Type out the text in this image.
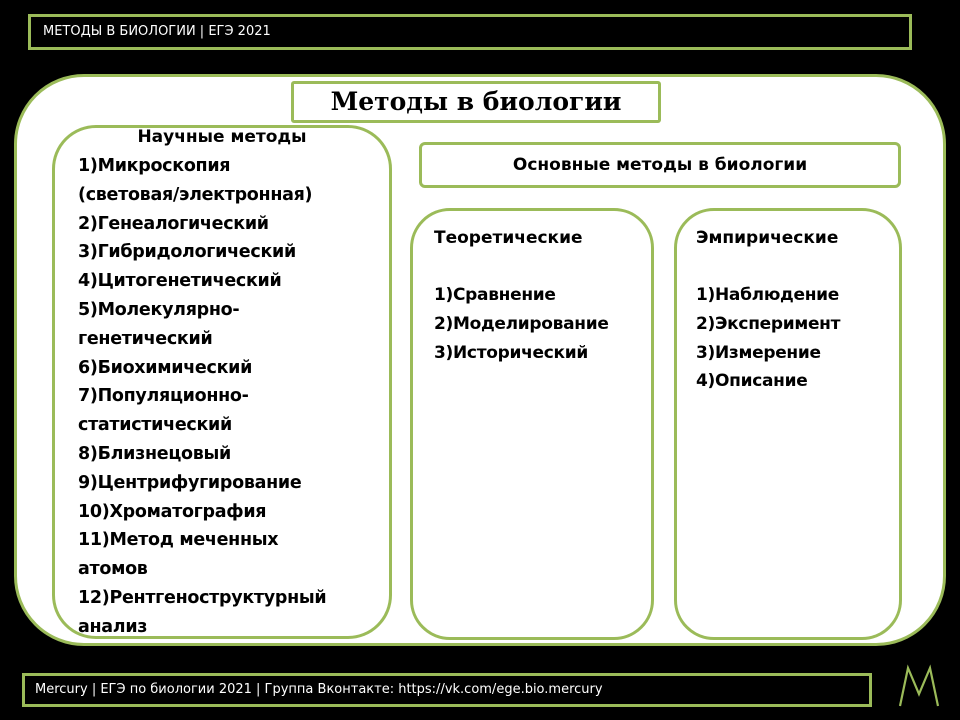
МЕТОДЫ В БИОЛОГИИ | ЕГЭ 2021
Методы в биологии
Научные методы
1)Микроскопия
(световая/электронная)
2)Генеалогический
3)Гибридологический
4)Цитогенетический
5)Молекулярно-
генетический
6)Биохимический
7)Популяционно-
статистический
8)Близнецовый
9)Центрифугирование
10)Хроматография
11)Метод меченных
атомов
12)Рентгеноструктурный
анализ
Основные методы в биологии
Теоретические
1)Сравнение
2)Моделирование
3)Исторический
Эмпирические
1)Наблюдение
2)Эксперимент
3)Измерение
4)Описание
Mercury | ЕГЭ по биологии 2021 | Группа Вконтакте: https://vk.com/ege.bio.mercury
